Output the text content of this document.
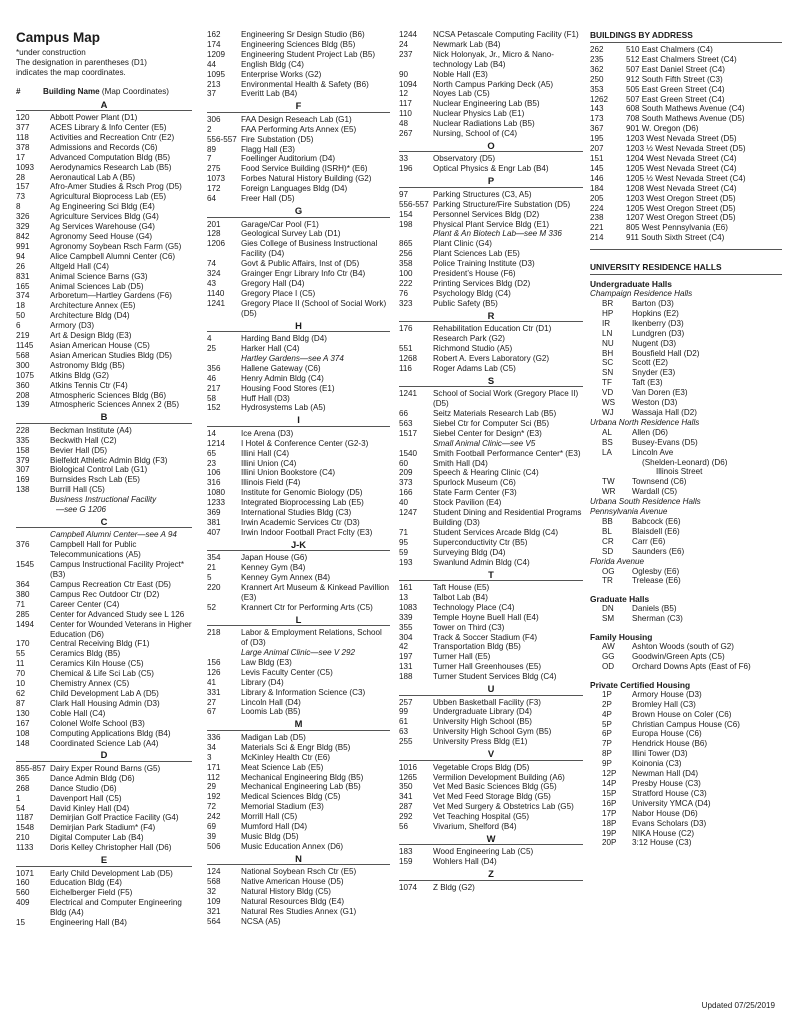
Campus Map
*under construction
The designation in parentheses (D1)
indicates the map coordinates.
#	Building Name (Map Coordinates)
A
120	Abbott Power Plant (D1)
377	ACES Library & Info Center (E5)
118	Activities and Recreation Cntr (E2)
378	Admissions and Records (C6)
17	Advanced Computation Bldg (B5)
1093	Aerodynamics Research Lab (B5)
28	Aeronautical Lab A (B5)
157	Afro-Amer Studies & Rsch Prog (D5)
73	Agricultural Bioprocess Lab (E5)
8	Ag Engineering Sci Bldg (E4)
326	Agriculture Services Bldg (G4)
329	Ag Services Warehouse (G4)
842	Agronomy Seed House (G4)
991	Agronomy Soybean Rsch Farm (G5)
94	Alice Campbell Alumni Center (C6)
26	Altgeld Hall (C4)
831	Animal Science Barns (G3)
165	Animal Sciences Lab (D5)
374	Arboretum—Hartley Gardens (F6)
18	Architecture Annex (E5)
50	Architecture Bldg (D4)
6	Armory (D3)
219	Art & Design Bldg (E3)
1145	Asian American House (C5)
568	Asian American Studies Bldg (D5)
300	Astronomy Bldg (B5)
1075	Atkins Bldg (G2)
360	Atkins Tennis Ctr (F4)
208	Atmospheric Sciences Bldg (B6)
139	Atmospheric Sciences Annex 2 (B5)
B
228	Beckman Institute (A4)
335	Beckwith Hall (C2)
158	Bevier Hall (D5)
379	Bielfeldt Athletic Admin Bldg (F3)
307	Biological Control Lab (G1)
169	Burnsides Rsch Lab (E5)
138	Burrill Hall (C5)
Business Instructional Facility
—see G 1206
C
Campbell Alumni Center—see A 94
376	Campbell Hall for Public Telecommunications (A5)
1545	Campus Instructional Facility Project* (B3)
364	Campus Recreation Ctr East (D5)
380	Campus Rec Outdoor Ctr (D2)
71	Career Center (C4)
285	Center for Advanced Study see L 126
1494	Center for Wounded Veterans in Higher Education (D6)
170	Central Receiving Bldg (F1)
55	Ceramics Bldg (B5)
11	Ceramics Kiln House (C5)
70	Chemical & Life Sci Lab (C5)
10	Chemistry Annex (C5)
62	Child Development Lab A (D5)
87	Clark Hall Housing Admin (D3)
130	Coble Hall (C4)
167	Colonel Wolfe School (B3)
108	Computing Applications Bldg (B4)
148	Coordinated Science Lab (A4)
D
855-857 Dairy Exper Round Barns (G5)
365	Dance Admin Bldg (D6)
268	Dance Studio (D6)
1	Davenport Hall (C5)
54	David Kinley Hall (D4)
1187	Demirjian Golf Practice Facility (G4)
1548	Demirjian Park Stadium* (F4)
210	Digital Computer Lab (B4)
1133	Doris Kelley Christopher Hall (D6)
E
1071	Early Child Development Lab (D5)
160	Education Bldg (E4)
560	Eichelberger Field (F5)
409	Electrical and Computer Engineering Bldg (A4)
15	Engineering Hall (B4)
162	Engineering Sr Design Studio (B6)
174	Engineering Sciences Bldg (B5)
1209	Engineering Student Project Lab (B5)
44	English Bldg (C4)
1095	Enterprise Works (G2)
213	Environmental Health & Safety (B6)
37	Everitt Lab (B4)
F
306	FAA Design Reseach Lab (G1)
2	FAA Performing Arts Annex (E5)
556-557 Fire Substation (D5)
89	Flagg Hall (E3)
7	Foellinger Auditorium (D4)
275	Food Service Building (ISRH)* (E6)
1073	Forbes Natural History Building (G2)
172	Foreign Languages Bldg (D4)
64	Freer Hall (D5)
G
201	Garage/Car Pool (F1)
128	Geological Survey Lab (D1)
1206	Gies College of Business Instructional Facility (D4)
74	Govt & Public Affairs, Inst of (D5)
324	Grainger Engr Library Info Ctr (B4)
43	Gregory Hall (D4)
1140	Gregory Place I (C5)
1241	Gregory Place II (School of Social Work) (D5)
H
4	Harding Band Bldg (D4)
25	Harker Hall (C4)
Hartley Gardens—see A 374
356	Hallene Gateway (C6)
46	Henry Admin Bldg (C4)
217	Housing Food Stores (E1)
58	Huff Hall (D3)
152	Hydrosystems Lab (A5)
I
14	Ice Arena (D3)
1214	I Hotel & Conference Center (G2-3)
65	Illini Hall (C4)
23	Illini Union (C4)
106	Illini Union Bookstore (C4)
316	Illinois Field (F4)
1080	Institute for Genomic Biology (D5)
1233	Integrated Bioprocessing Lab (E5)
369	International Studies Bldg (C3)
381	Irwin Academic Services Ctr (D3)
407	Irwin Indoor Football Pract Fclty (E3)
J-K
354	Japan House (G6)
21	Kenney Gym (B4)
5	Kenney Gym Annex (B4)
220	Krannert Art Museum & Kinkead Pavillion (E3)
52	Krannert Ctr for Performing Arts (C5)
L
218	Labor & Employment Relations, School of (D3)
Large Animal Clinic—see V 292
156	Law Bldg (E3)
126	Levis Faculty Center (C5)
41	Library (D4)
331	Library & Information Science (C3)
27	Lincoln Hall (D4)
67	Loomis Lab (B5)
M
336	Madigan Lab (D5)
34	Materials Sci & Engr Bldg (B5)
3	McKinley Health Ctr (E6)
171	Meat Science Lab (E5)
112	Mechanical Engineering Bldg (B5)
29	Mechanical Engineering Lab (B5)
192	Medical Sciences Bldg (C5)
72	Memorial Stadium (E3)
242	Morrill Hall (C5)
69	Mumford Hall (D4)
39	Music Bldg (D5)
506	Music Education Annex (D6)
N
124	National Soybean Rsch Ctr (E5)
568	Native American House (D5)
32	Natural History Bldg (C5)
109	Natural Resources Bldg (E4)
321	Natural Res Studies Annex (G1)
564	NCSA (A5)
1244	NCSA Petascale Computing Facility (F1)
24	Newmark Lab (B4)
237	Nick Holonyak, Jr., Micro & Nano-technology Lab (B4)
90	Noble Hall (E3)
1094	North Campus Parking Deck (A5)
12	Noyes Lab (C5)
117	Nuclear Engineering Lab (B5)
110	Nuclear Physics Lab (E1)
48	Nuclear Radiations Lab (B5)
267	Nursing, School of (C4)
O
33	Observatory (D5)
196	Optical Physics & Engr Lab (B4)
P
97	Parking Structures (C3, A5)
556-557 Parking Structure/Fire Substation (D5)
154	Personnel Services Bldg (D2)
198	Physical Plant Service Bldg (E1)
Plant & An Biotech Lab—see M 336
865	Plant Clinic (G4)
256	Plant Sciences Lab (E5)
358	Police Training Institute (D3)
100	President’s House (F6)
222	Printing Services Bldg (D2)
76	Psychology Bldg (C4)
323	Public Safety (B5)
R
176	Rehabilitation Education Ctr (D1)
Research Park (G2)
551	Richmond Studio (A5)
1268	Robert A. Evers Laboratory (G2)
116	Roger Adams Lab (C5)
S
1241	School of Social Work (Gregory Place II) (D5)
66	Seitz Materials Research Lab (B5)
563	Siebel Ctr for Computer Sci (B5)
1517	Siebel Center for Design* (E3)
Small Animal Clinic—see V5
1540	Smith Football Performance Center* (E3)
60	Smith Hall (D4)
209	Speech & Hearing Clinic (C4)
373	Spurlock Museum (C6)
166	State Farm Center (F3)
40	Stock Pavilion (E4)
1247	Student Dining and Residential Programs Building (D3)
71	Student Services Arcade Bldg (C4)
95	Superconductivity Ctr (B5)
59	Surveying Bldg (D4)
193	Swanlund Admin Bldg (C4)
T
161	Taft House (E5)
13	Talbot Lab (B4)
1083	Technology Place (C4)
339	Temple Hoyne Buell Hall (E4)
355	Tower on Third (C3)
304	Track & Soccer Stadium (F4)
42	Transportation Bldg (B5)
197	Turner Hall (E5)
131	Turner Hall Greenhouses (E5)
188	Turner Student Services Bldg (C4)
U
257	Ubben Basketball Facility (F3)
99	Undergraduate Library (D4)
61	University High School (B5)
63	University High School Gym (B5)
255	University Press Bldg (E1)
V
1016	Vegetable Crops Bldg (D5)
1265	Vermilion Development Building (A6)
350	Vet Med Basic Sciences Bldg (G5)
341	Vet Med Feed Storage Bldg (G5)
287	Vet Med Surgery & Obstetrics Lab (G5)
292	Vet Teaching Hospital (G5)
56	Vivarium, Shelford (B4)
W
183	Wood Engineering Lab (C5)
159	Wohlers Hall (D4)
Z
1074	Z Bldg (G2)
BUILDINGS BY ADDRESS
262	510 East Chalmers (C4)
235	512 East Chalmers Street (C4)
362	507 East Daniel Street (C4)
250	912 South Fifth Street (C3)
353	505 East Green Street (C4)
1262	507 East Green Street (C4)
143	608 South Mathews Avenue (C4)
173	708 South Mathews Avenue (D5)
367	901 W. Oregon (D6)
195	1203 West Nevada Street (D5)
207	1203 ½ West Nevada Street (D5)
151	1204 West Nevada Street (C4)
145	1205 West Nevada Street (C4)
146	1205 ½ West Nevada Street (C4)
184	1208 West Nevada Street (C4)
205	1203 West Oregon Street (D5)
224	1205 West Oregon Street (D5)
238	1207 West Oregon Street (D5)
221	805 West Pennsylvania (E6)
214	911 South Sixth Street (C4)
UNIVERSITY RESIDENCE HALLS
Undergraduate Halls
Champaign Residence Halls
BR	Barton (D3)
HP	Hopkins (E2)
IR	Ikenberry (D3)
LN	Lundgren (D3)
NU	Nugent (D3)
BH	Bousfield Hall (D2)
SC	Scott (E2)
SN	Snyder (E3)
TF	Taft (E3)
VD	Van Doren (E3)
WS	Weston (D3)
WJ	Wassaja Hall (D2)
Urbana North Residence Halls
AL	Allen (D6)
BS	Busey-Evans (D5)
LA	Lincoln Ave
(Shelden-Leonard) (D6)
Illinois Street
TW	Townsend (C6)
WR	Wardall (C5)
Urbana South Residence Halls
Pennsylvania Avenue
BB	Babcock (E6)
BL	Blaisdell (E6)
CR	Carr (E6)
SD	Saunders (E6)
Florida Avenue
OG	Oglesby (E6)
TR	Trelease (E6)
Graduate Halls
DN	Daniels (B5)
SM	Sherman (C3)
Family Housing
AW	Ashton Woods (south of G2)
GG	Goodwin/Green Apts (C5)
OD	Orchard Downs Apts (East of F6)
Private Certified Housing
1P	Armory House (D3)
2P	Bromley Hall (C3)
4P	Brown House on Coler (C6)
5P	Christian Campus House (C6)
6P	Europa House (C6)
7P	Hendrick House (B6)
8P	Illini Tower (D3)
9P	Koinonia (C3)
12P	Newman Hall (D4)
14P	Presby House (C3)
15P	Stratford House (C3)
16P	University YMCA (D4)
17P	Nabor House (D6)
18P	Evans Scholars (D3)
19P	NIKA House (C2)
20P	3:12 House (C3)
Updated 07/25/2019
